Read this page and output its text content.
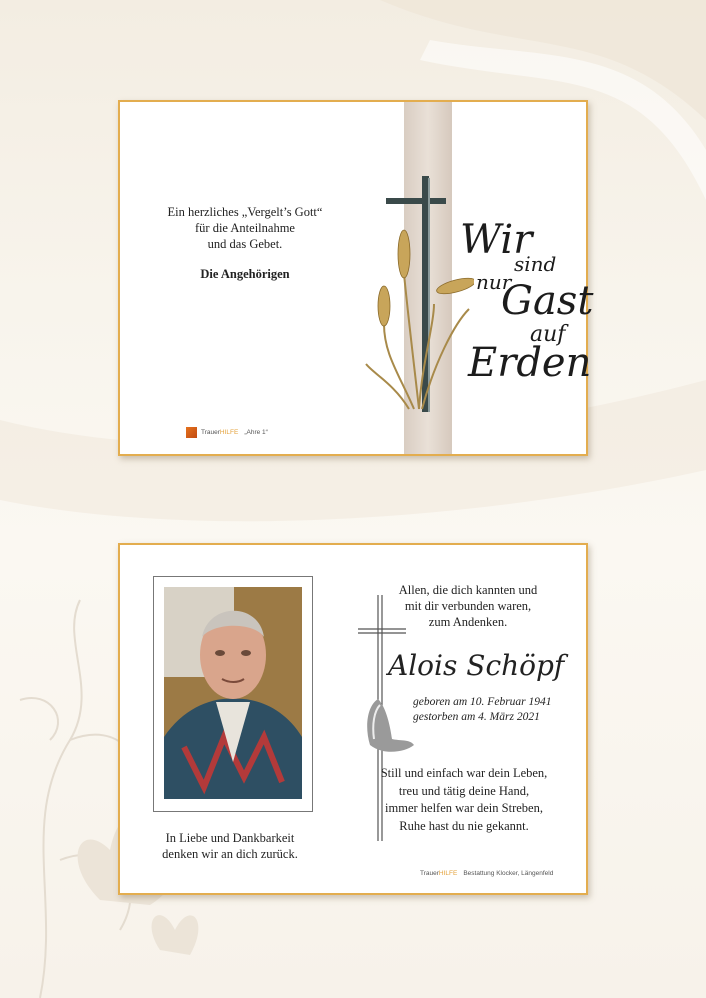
Ein herzliches „Vergelt’s Gott“
für die Anteilnahme
und das Gebet.
Die Angehörigen
Wir
sind
nur
Gast
auf
Erden
Trauer HILFE „Ahre 1“
In Liebe und Dankbarkeit
denken wir an dich zurück.
Allen, die dich kannten und
mit dir verbunden waren,
zum Andenken.
Alois Schöpf
geboren am 10. Februar 1941
gestorben am 4. März 2021
Still und einfach war dein Leben,
treu und tätig deine Hand,
immer helfen war dein Streben,
Ruhe hast du nie gekannt.
Trauer HILFE Bestattung Klocker, Längenfeld
